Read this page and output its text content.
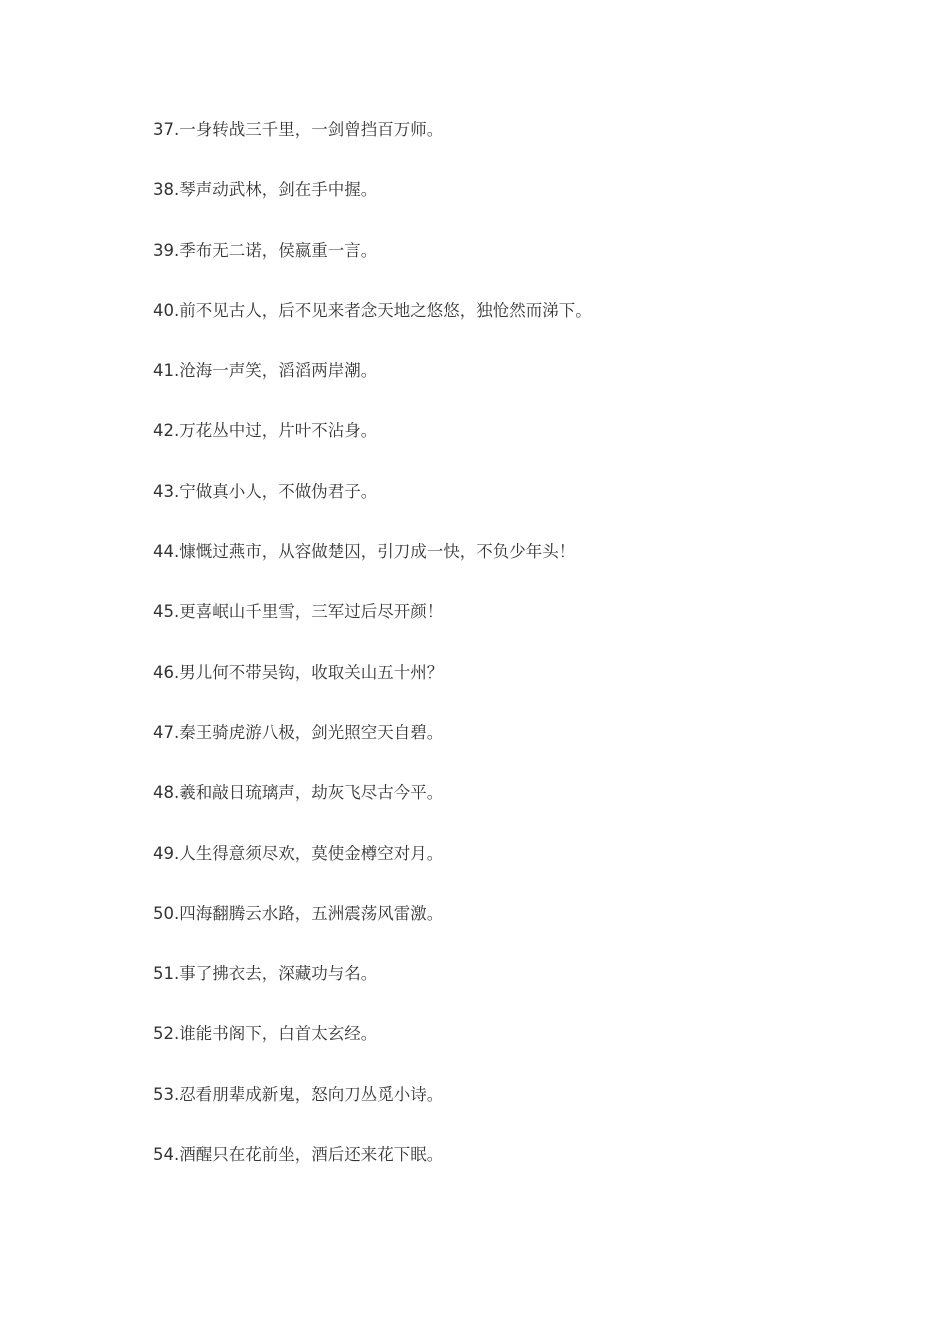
37.一身转战三千里，一剑曾挡百万师。
38.琴声动武林，剑在手中握。
39.季布无二诺，侯嬴重一言。
40.前不见古人，后不见来者念天地之悠悠，独怆然而涕下。
41.沧海一声笑，滔滔两岸潮。
42.万花丛中过，片叶不沾身。
43.宁做真小人，不做伪君子。
44.慷慨过燕市，从容做楚囚，引刀成一快，不负少年头！
45.更喜岷山千里雪，三军过后尽开颜！
46.男儿何不带吴钩，收取关山五十州？
47.秦王骑虎游八极，剑光照空天自碧。
48.羲和敲日琉璃声，劫灰飞尽古今平。
49.人生得意须尽欢，莫使金樽空对月。
50.四海翻腾云水路，五洲震荡风雷激。
51.事了拂衣去，深藏功与名。
52.谁能书阁下，白首太玄经。
53.忍看朋辈成新鬼，怒向刀丛觅小诗。
54.酒醒只在花前坐，酒后还来花下眠。
